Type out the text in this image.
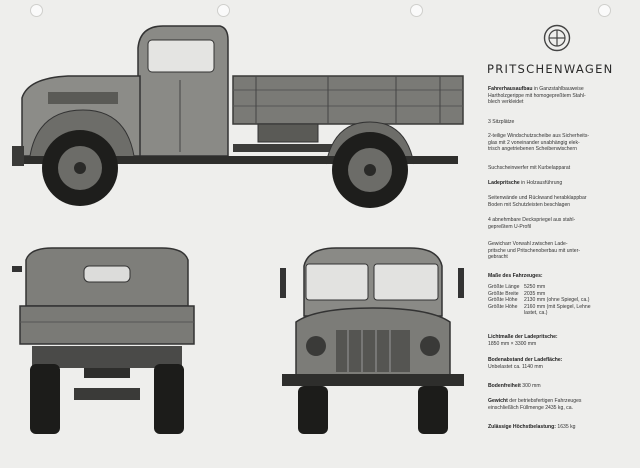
PRITSCHENWAGEN
Fahrerhausaufbau in Ganzstahlbauweise
Hartholzgerippe mit homogepreßtem Stahl-
blech verkleidet
3 Sitzplätze
2-teilige Windschutzscheibe aus Sicherheits-
glas mit 2 voneinander unabhängig elek-
trisch angetriebenen Scheibenwischern
Suchscheinwerfer mit Kurbelapparat
Ladepritsche in Holzausführung
Seitenwände und Rückwand herabklappbar
Boden mit Schutzleisten beschlagen
4 abnehmbare Deckspriegel aus stahl-
gepreßtem U-Profil
Gewicharr Vorwahl zwischen Lade-
pritsche und Pritschenoberbau mit unter-
gebracht
Maße des Fahrzeuges:
Größte Länge 5250 mm
Größte Breite 2035 mm
Größte Höhe 2130 mm (ohne Spiegel, ca.)
Größte Höhe 2160 mm (mit Spiegel, Lehne
lastet, ca.)
Lichtmaße der Ladepritsche:
1850 mm × 3300 mm
Bodenabstand der Ladefläche:
Unbelastet ca. 1140 mm
Bodenfreiheit 300 mm
Gewicht der betriebsfertigen Fahrzeuges
einschließlich Füllmenge 2435 kg, ca.
Zulässige Höchstbelastung: 1635 kg
